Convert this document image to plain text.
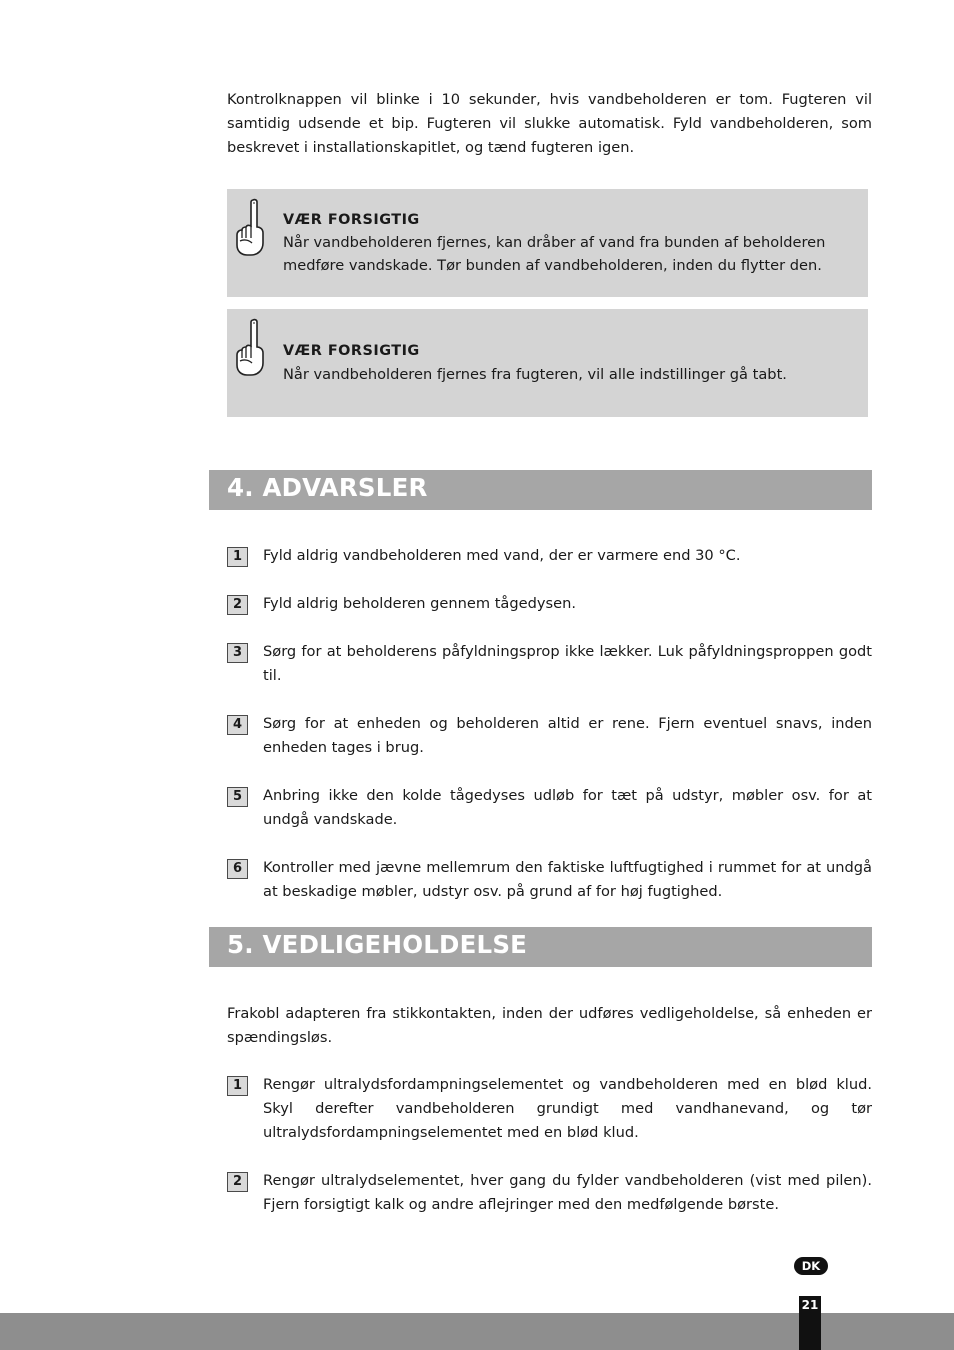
Kontrolknappen vil blinke i 10 sekunder, hvis vandbeholderen er tom. Fugteren vil samtidig udsende et bip. Fugteren vil slukke automatisk. Fyld vandbeholderen, som beskrevet i installationskapitlet, og tænd fugteren igen.

VÆR FORSIGTIG
Når vandbeholderen fjernes, kan dråber af vand fra bunden af beholderen medføre vandskade. Tør bunden af vandbeholderen, inden du flytter den.
VÆR FORSIGTIG
Når vandbeholderen fjernes fra fugteren, vil alle indstillinger gå tabt.
4. ADVARSLER
1	Fyld aldrig vandbeholderen med vand, der er varmere end 30 °C.
2	Fyld aldrig beholderen gennem tågedysen.
3	Sørg for at beholderens påfyldningsprop ikke lækker. Luk påfyldningsproppen godt til.
4	Sørg for at enheden og beholderen altid er rene. Fjern eventuel snavs, inden enheden tages i brug.
5	Anbring ikke den kolde tågedyses udløb for tæt på udstyr, møbler osv. for at undgå vandskade.
6	Kontroller med jævne mellemrum den faktiske luftfugtighed i rummet for at undgå at beskadige møbler, udstyr osv. på grund af for høj fugtighed.
5. VEDLIGEHOLDELSE

Frakobl adapteren fra stikkontakten, inden der udføres vedligeholdelse, så enheden er spændingsløs.

1	Rengør ultralydsfordampningselementet og vandbeholderen med en blød klud. Skyl derefter vandbeholderen grundigt med vandhanevand, og tør ultralydsfordampningselementet med en blød klud.
2	Rengør ultralydselementet, hver gang du fylder vandbeholderen (vist med pilen). Fjern forsigtigt kalk og andre aflejringer med den medfølgende børste.
DK
21
